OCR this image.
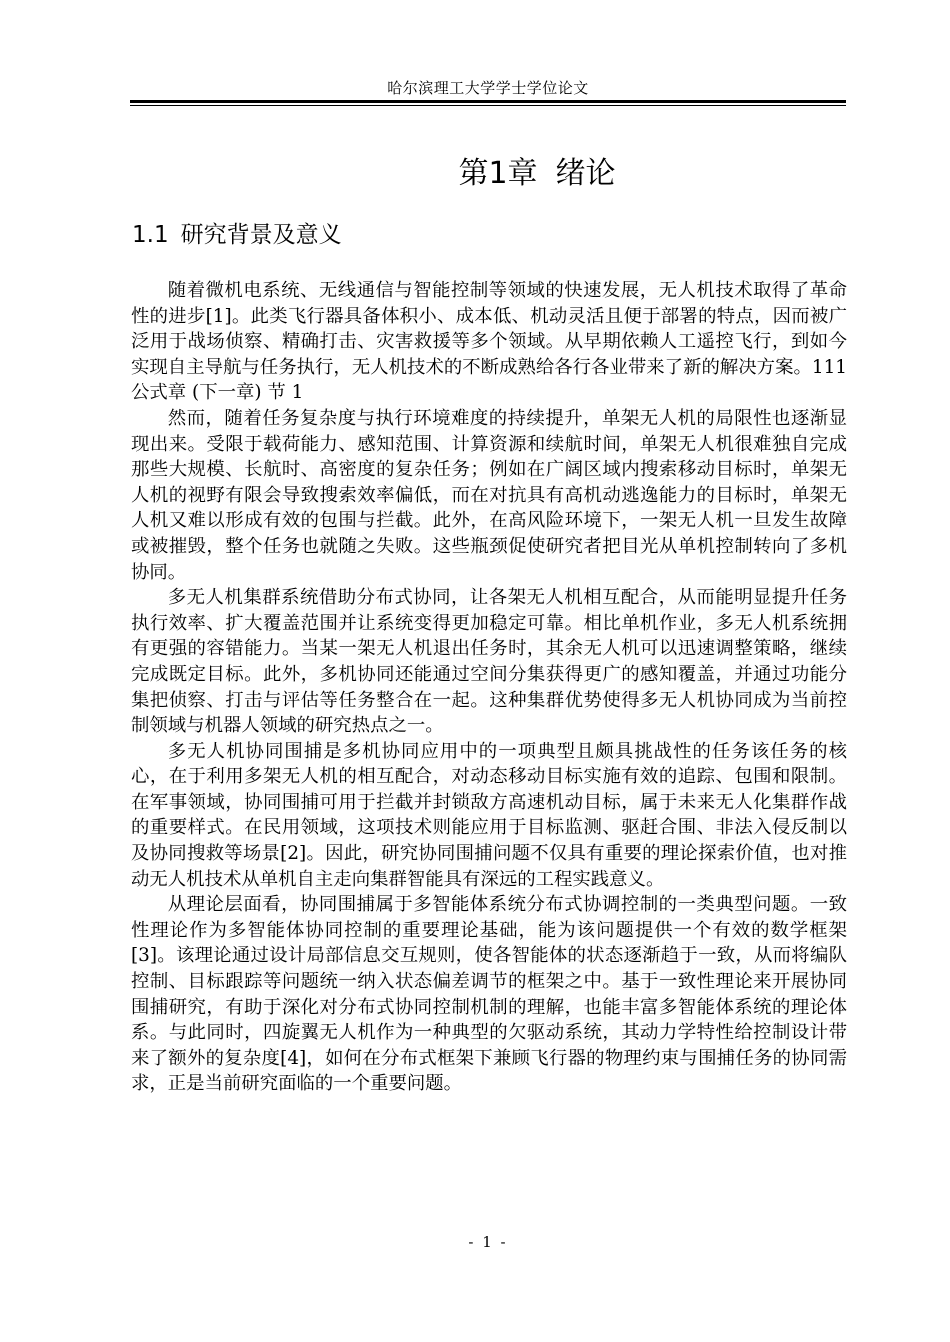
哈尔滨理工大学学士学位论文
第1章 绪论
1.1 研究背景及意义

随着微机电系统、无线通信与智能控制等领域的快速发展，无人机技术取得了革命性的进步[1]。此类飞行器具备体积小、成本低、机动灵活且便于部署的特点，因而被广泛用于战场侦察、精确打击、灾害救援等多个领域。从早期依赖人工遥控飞行，到如今实现自主导航与任务执行，无人机技术的不断成熟给各行各业带来了新的解决方案。111公式章 (下一章) 节 1

然而，随着任务复杂度与执行环境难度的持续提升，单架无人机的局限性也逐渐显现出来。受限于载荷能力、感知范围、计算资源和续航时间，单架无人机很难独自完成那些大规模、长航时、高密度的复杂任务；例如在广阔区域内搜索移动目标时，单架无人机的视野有限会导致搜索效率偏低，而在对抗具有高机动逃逸能力的目标时，单架无人机又难以形成有效的包围与拦截。此外，在高风险环境下，一架无人机一旦发生故障或被摧毁，整个任务也就随之失败。这些瓶颈促使研究者把目光从单机控制转向了多机协同。

多无人机集群系统借助分布式协同，让各架无人机相互配合，从而能明显提升任务执行效率、扩大覆盖范围并让系统变得更加稳定可靠。相比单机作业，多无人机系统拥有更强的容错能力。当某一架无人机退出任务时，其余无人机可以迅速调整策略，继续完成既定目标。此外，多机协同还能通过空间分集获得更广的感知覆盖，并通过功能分集把侦察、打击与评估等任务整合在一起。这种集群优势使得多无人机协同成为当前控制领域与机器人领域的研究热点之一。

多无人机协同围捕是多机协同应用中的一项典型且颇具挑战性的任务该任务的核心，在于利用多架无人机的相互配合，对动态移动目标实施有效的追踪、包围和限制。在军事领域，协同围捕可用于拦截并封锁敌方高速机动目标，属于未来无人化集群作战的重要样式。在民用领域，这项技术则能应用于目标监测、驱赶合围、非法入侵反制以及协同搜救等场景[2]。因此，研究协同围捕问题不仅具有重要的理论探索价值，也对推动无人机技术从单机自主走向集群智能具有深远的工程实践意义。

从理论层面看，协同围捕属于多智能体系统分布式协调控制的一类典型问题。一致性理论作为多智能体协同控制的重要理论基础，能为该问题提供一个有效的数学框架[3]。该理论通过设计局部信息交互规则，使各智能体的状态逐渐趋于一致，从而将编队控制、目标跟踪等问题统一纳入状态偏差调节的框架之中。基于一致性理论来开展协同围捕研究，有助于深化对分布式协同控制机制的理解，也能丰富多智能体系统的理论体系。与此同时，四旋翼无人机作为一种典型的欠驱动系统，其动力学特性给控制设计带来了额外的复杂度[4]，如何在分布式框架下兼顾飞行器的物理约束与围捕任务的协同需求，正是当前研究面临的一个重要问题。

- 1 -
